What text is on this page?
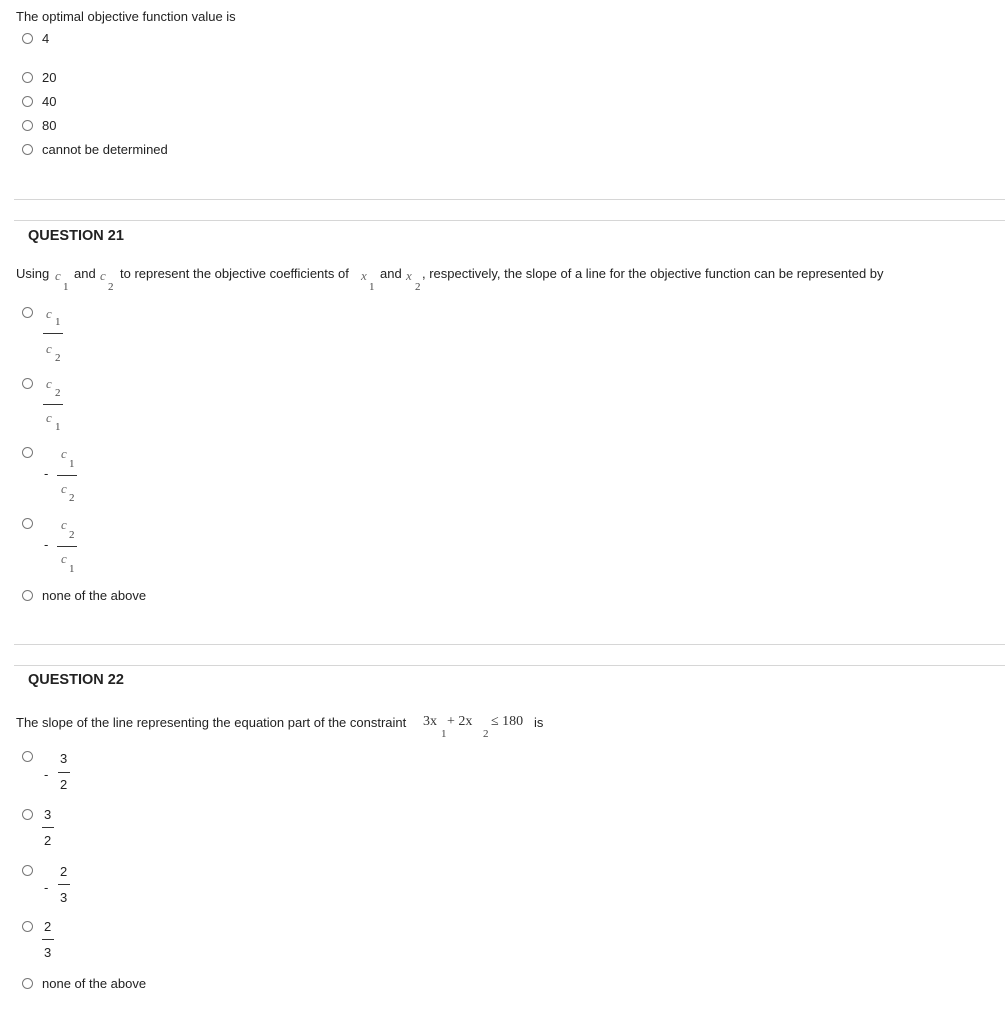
The optimal objective function value is
4
20
40
80
cannot be determined
QUESTION 21
Using c
1
and c
2
to represent the objective coefficients of x
1
and x
2
, respectively, the slope of a line for the objective function can be represented by
c
1
c
2
c
2
c
1
-
c
1
c
2
-
c
2
c
1
none of the above
QUESTION 22
The slope of the line representing the equation part of the constraint 3x
1
+ 2x
2
≤ 180 is
-
3
2
3
2
-
2
3
2
3
none of the above
